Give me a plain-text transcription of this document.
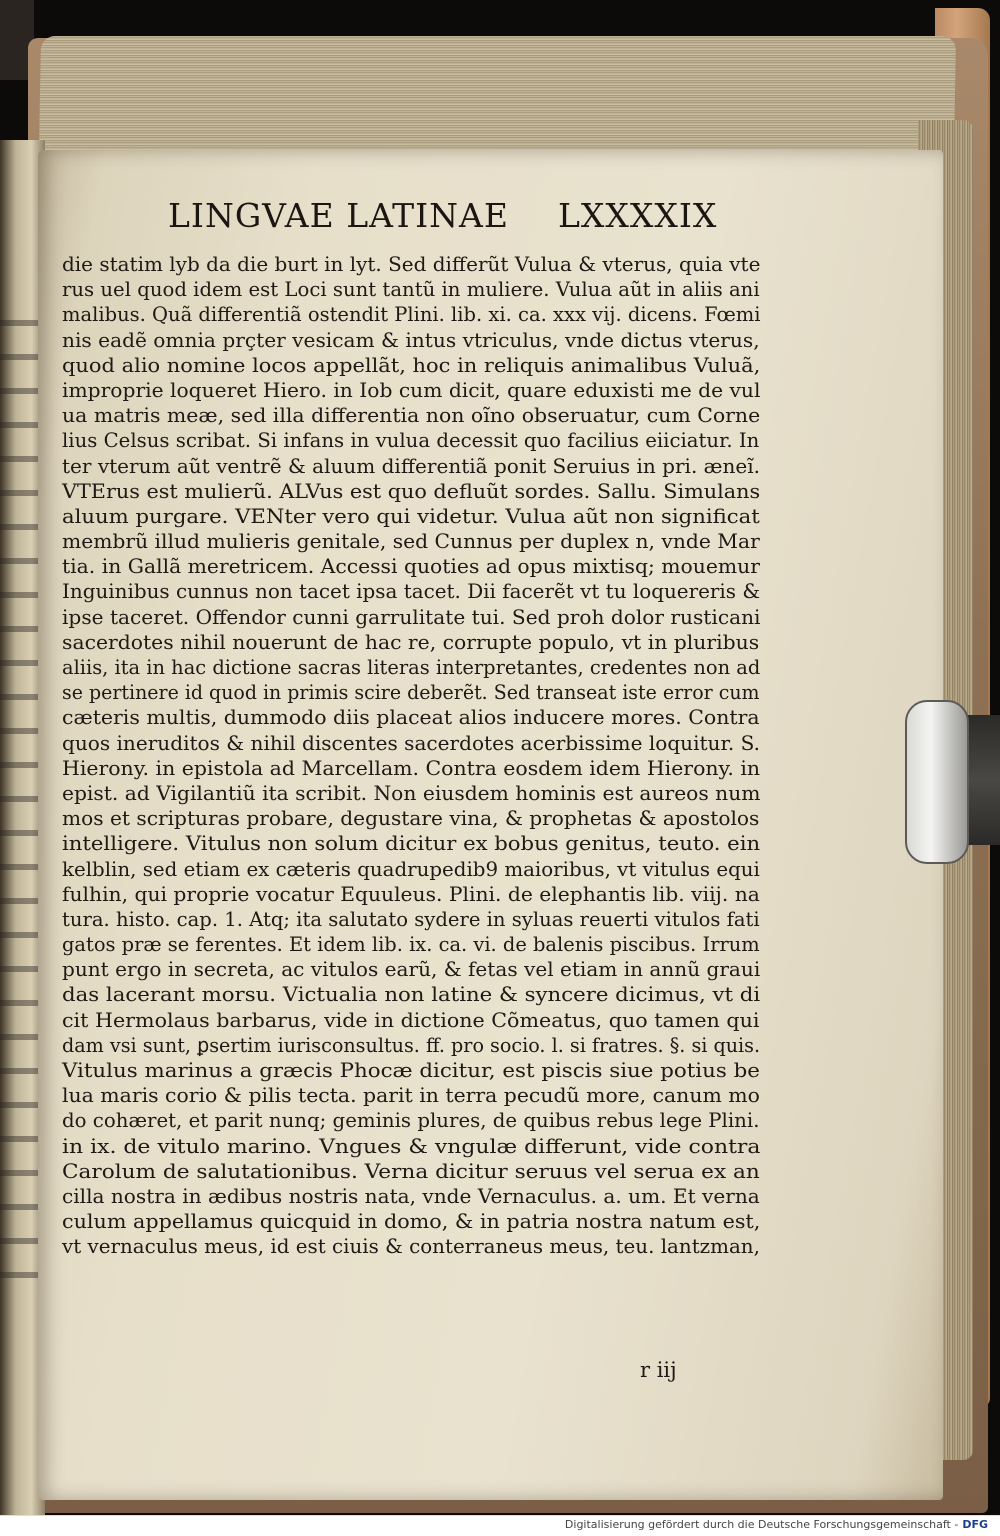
LINGVAE LATINAE LXXXXIX
die statim lyb da die burt in lyt. Sed differũt Vulua & vterus, quia vte
rus uel quod idem est Loci sunt tantũ in muliere. Vulua aũt in aliis ani
malibus. Quã differentiã ostendit Plini. lib. xi. ca. xxx vij. dicens. Fœmi
nis eadẽ omnia prçter vesicam & intus vtriculus, vnde dictus vterus,
quod alio nomine locos appellãt, hoc in reliquis animalibus Vuluã,
improprie loqueret Hiero. in Iob cum dicit, quare eduxisti me de vul
ua matris meæ, sed illa differentia non oĩno obseruatur, cum Corne
lius Celsus scribat. Si infans in vulua decessit quo facilius eiiciatur. In
ter vterum aũt ventrẽ & aluum differentiã ponit Seruius in pri. æneĩ.
VTErus est mulierũ. ALVus est quo defluũt sordes. Sallu. Simulans
aluum purgare. VENter vero qui videtur. Vulua aũt non significat
membrũ illud mulieris genitale, sed Cunnus per duplex n, vnde Mar
tia. in Gallã meretricem. Accessi quoties ad opus mixtisq; mouemur
Inguinibus cunnus non tacet ipsa tacet. Dii facerẽt vt tu loquereris &
ipse taceret. Offendor cunni garrulitate tui. Sed proh dolor rusticani
sacerdotes nihil nouerunt de hac re, corrupte populo, vt in pluribus
aliis, ita in hac dictione sacras literas interpretantes, credentes non ad
se pertinere id quod in primis scire deberẽt. Sed transeat iste error cum
cæteris multis, dummodo diis placeat alios inducere mores. Contra
quos ineruditos & nihil discentes sacerdotes acerbissime loquitur. S.
Hierony. in epistola ad Marcellam. Contra eosdem idem Hierony. in
epist. ad Vigilantiũ ita scribit. Non eiusdem hominis est aureos num
mos et scripturas probare, degustare vina, & prophetas & apostolos
intelligere. Vitulus non solum dicitur ex bobus genitus, teuto. ein
kelblin, sed etiam ex cæteris quadrupedib9 maioribus, vt vitulus equi
fulhin, qui proprie vocatur Equuleus. Plini. de elephantis lib. viij. na
tura. histo. cap. 1. Atq; ita salutato sydere in syluas reuerti vitulos fati
gatos præ se ferentes. Et idem lib. ix. ca. vi. de balenis piscibus. Irrum
punt ergo in secreta, ac vitulos earũ, & fetas vel etiam in annũ graui
das lacerant morsu. Victualia non latine & syncere dicimus, vt di
cit Hermolaus barbarus, vide in dictione Cõmeatus, quo tamen qui
dam vsi sunt, ꝑsertim iurisconsultus. ff. pro socio. l. si fratres. §. si quis.
Vitulus marinus a græcis Phocæ dicitur, est piscis siue potius be
lua maris corio & pilis tecta. parit in terra pecudũ more, canum mo
do cohæret, et parit nunq; geminis plures, de quibus rebus lege Plini.
in ix. de vitulo marino. Vngues & vngulæ differunt, vide contra
Carolum de salutationibus. Verna dicitur seruus vel serua ex an
cilla nostra in ædibus nostris nata, vnde Vernaculus. a. um. Et verna
culum appellamus quicquid in domo, & in patria nostra natum est,
vt vernaculus meus, id est ciuis & conterraneus meus, teu. lantzman,
r iij
Digitalisierung gefördert durch die Deutsche Forschungsgemeinschaft - DFG
